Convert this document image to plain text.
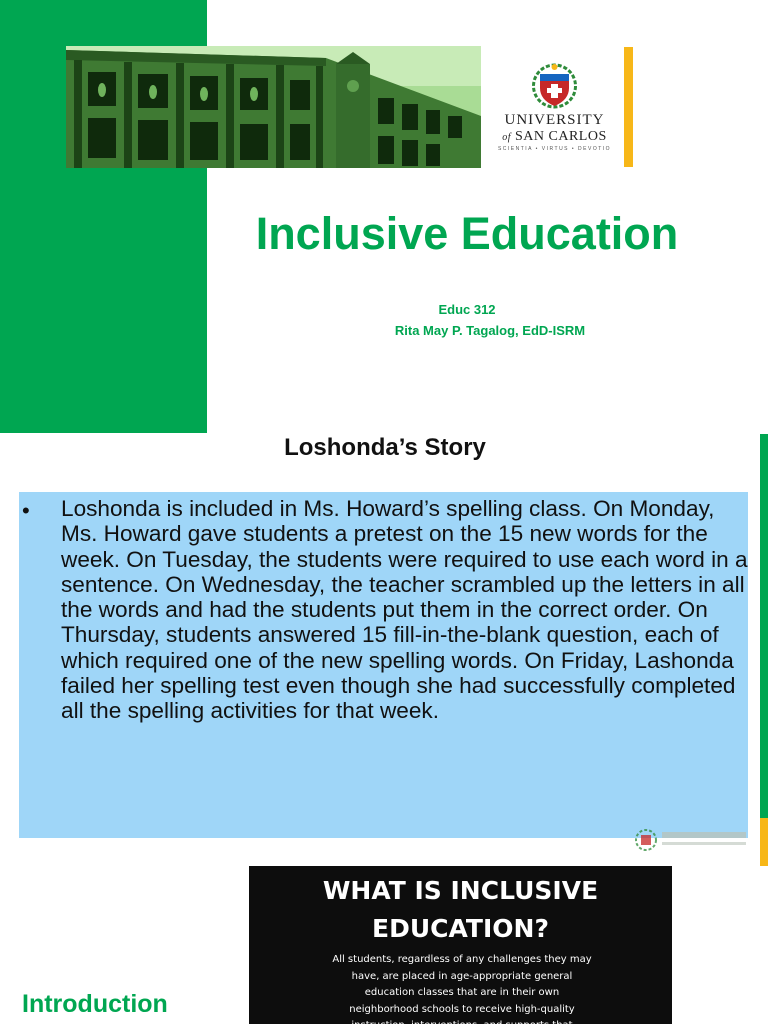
UNIVERSITY
of SAN CARLOS
SCIENTIA • VIRTUS • DEVOTIO
Inclusive Education
Educ 312
Rita May P. Tagalog, EdD-ISRM
Loshonda’s Story
• Loshonda is included in Ms. Howard’s spelling class. On Monday, Ms. Howard gave students a pretest on the 15 new words for the week. On Tuesday, the students were required to use each word in a sentence. On Wednesday, the teacher scrambled up the letters in all the words and had the students put them in the correct order. On Thursday, students answered 15 fill-in-the-blank question, each of which required one of the new spelling words. On Friday, Lashonda failed her spelling test even though she had successfully completed all the spelling activities for that week.
WHAT IS INCLUSIVE
EDUCATION?
All students, regardless of any challenges they may have, are placed in age-appropriate general education classes that are in their own neighborhood schools to receive high-quality instruction, interventions, and supports that
Introduction
